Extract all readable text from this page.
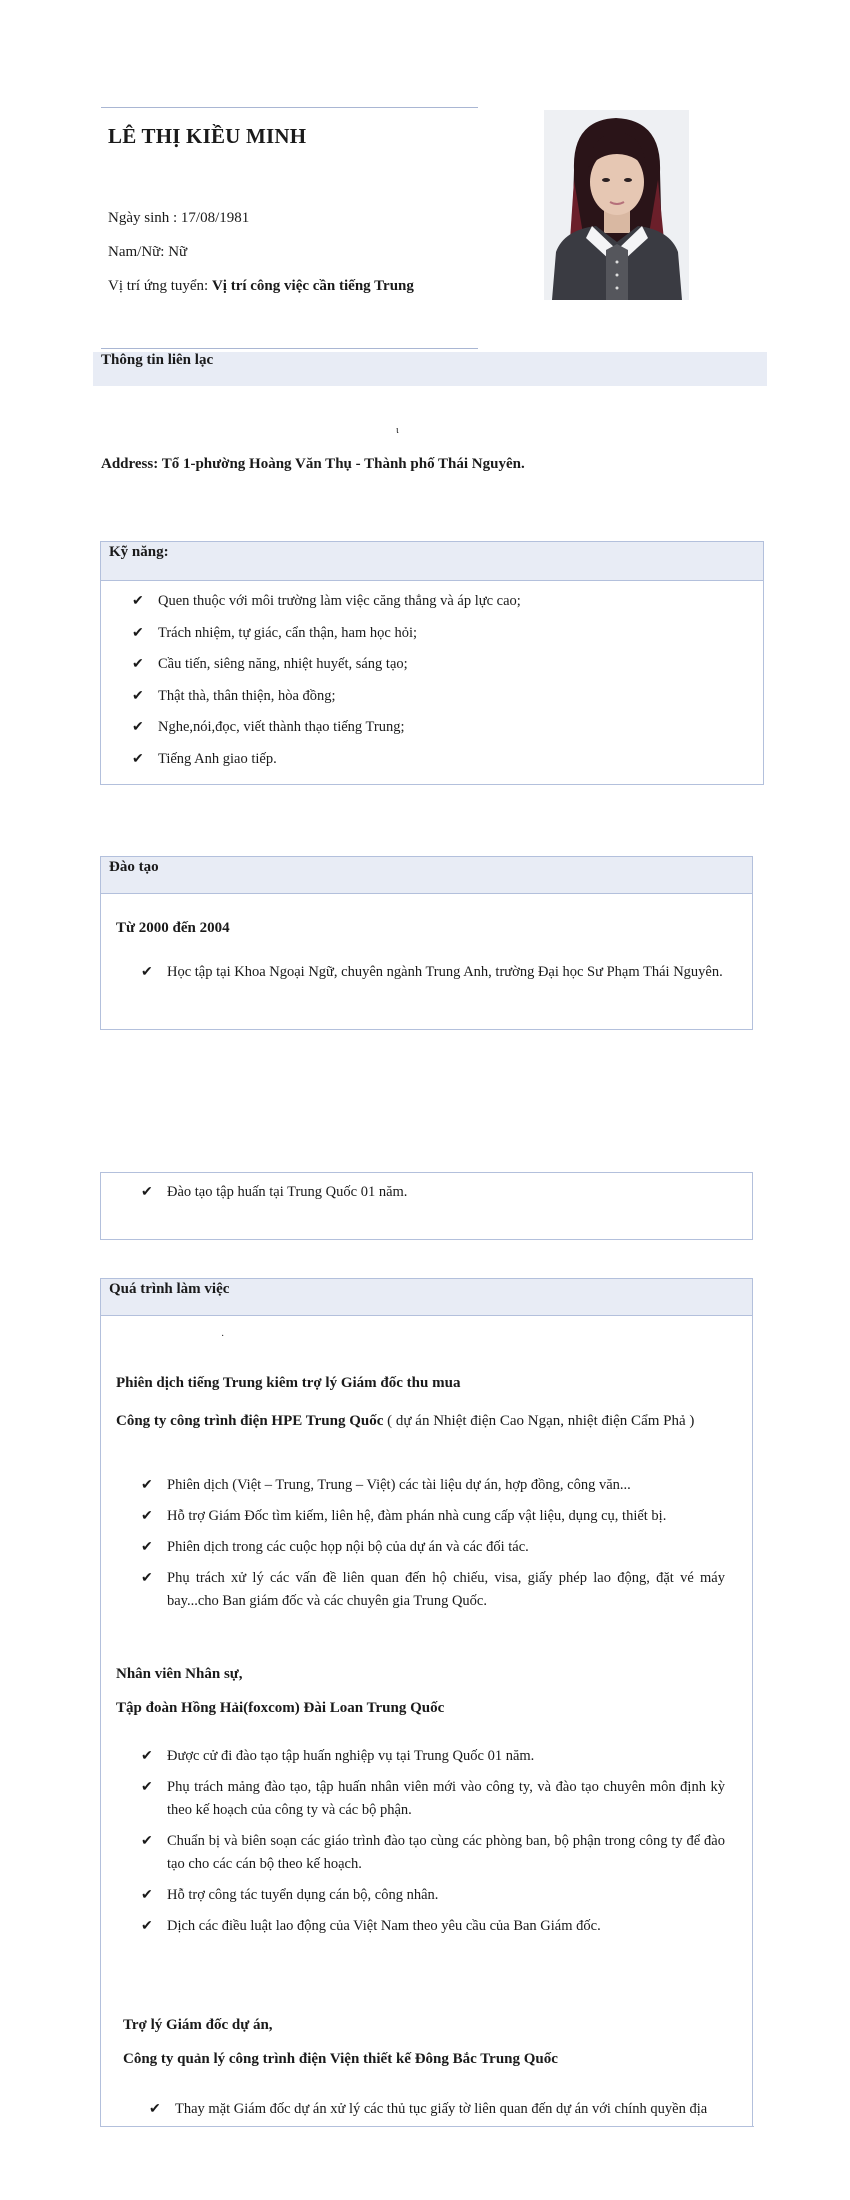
LÊ THỊ KIỀU MINH
Ngày sinh : 17/08/1981
Nam/Nữ: Nữ
Vị trí ứng tuyển: Vị trí công việc cần tiếng Trung
Thông tin liên lạc
ι
Address: Tổ 1-phường Hoàng Văn Thụ - Thành phố Thái Nguyên.
Kỹ năng:
✔ Quen thuộc với môi trường làm việc căng thẳng và áp lực cao;
✔ Trách nhiệm, tự giác, cẩn thận, ham học hỏi;
✔ Cầu tiến, siêng năng, nhiệt huyết, sáng tạo;
✔ Thật thà, thân thiện, hòa đồng;
✔ Nghe,nói,đọc, viết thành thạo tiếng Trung;
✔ Tiếng Anh giao tiếp.
Đào tạo
Từ 2000 đến 2004
✔ Học tập tại Khoa Ngoại Ngữ, chuyên ngành Trung Anh, trường Đại học Sư Phạm Thái Nguyên.
✔ Đào tạo tập huấn tại Trung Quốc 01 năm.
Quá trình làm việc
·
Phiên dịch tiếng Trung kiêm trợ lý Giám đốc thu mua
Công ty công trình điện HPE Trung Quốc ( dự án Nhiệt điện Cao Ngạn, nhiệt điện Cẩm Phả )
✔ Phiên dịch (Việt – Trung, Trung – Việt) các tài liệu dự án, hợp đồng, công văn...
✔ Hỗ trợ Giám Đốc tìm kiếm, liên hệ, đàm phán nhà cung cấp vật liệu, dụng cụ, thiết bị.
✔ Phiên dịch trong các cuộc họp nội bộ của dự án và các đối tác.
✔ Phụ trách xử lý các vấn đề liên quan đến hộ chiếu, visa, giấy phép lao động, đặt vé máy bay...cho Ban giám đốc và các chuyên gia Trung Quốc.
Nhân viên Nhân sự,
Tập đoàn Hồng Hải(foxcom) Đài Loan Trung Quốc
✔ Được cử đi đào tạo tập huấn nghiệp vụ tại Trung Quốc 01 năm.
✔ Phụ trách mảng đào tạo, tập huấn nhân viên mới vào công ty, và đào tạo chuyên môn định kỳ theo kế hoạch của công ty và các bộ phận.
✔ Chuẩn bị và biên soạn các giáo trình đào tạo cùng các phòng ban, bộ phận trong công ty để đào tạo cho các cán bộ theo kế hoạch.
✔ Hỗ trợ công tác tuyển dụng cán bộ, công nhân.
✔ Dịch các điều luật lao động của Việt Nam theo yêu cầu của Ban Giám đốc.
Trợ lý Giám đốc dự án,
Công ty quản lý công trình điện Viện thiết kế Đông Bắc Trung Quốc
✔ Thay mặt Giám đốc dự án xử lý các thủ tục giấy tờ liên quan đến dự án với chính quyền địa
